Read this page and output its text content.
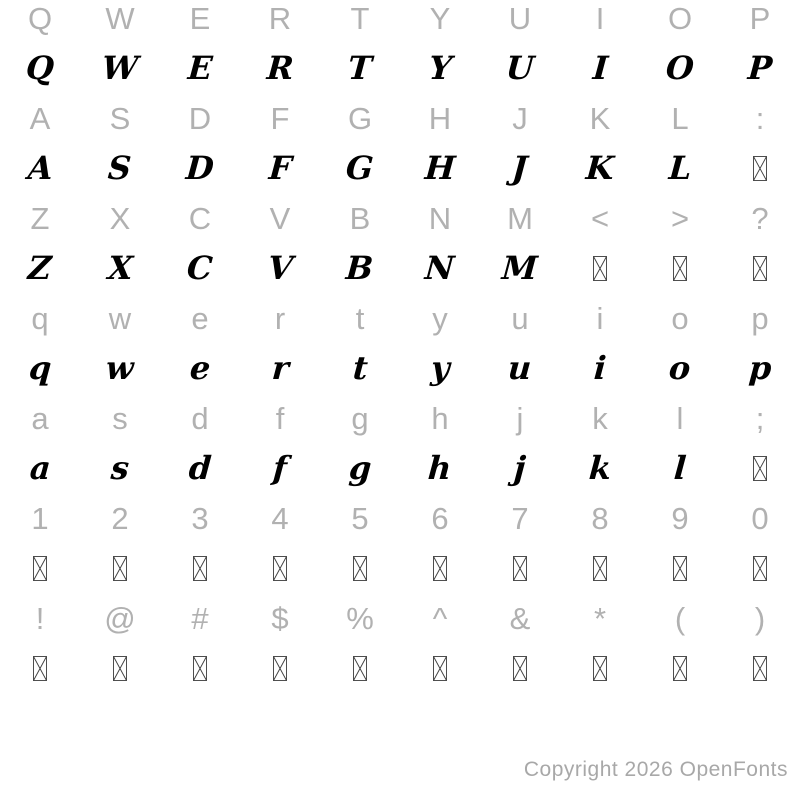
Q W E R T Y U I O P
Q W E R T Y U I O P
A S D F G H J K L :
A S D F G H J K L
Z X C V B N M < > ?
Z X C V B N M
q w e r t y u i o p
q w e r t y u i o p
a s d f g h j k l ;
a s d f g h j k l
1 2 3 4 5 6 7 8 9 0
! @ # $ % ^ & * ( )
Copyright 2026 OpenFonts
